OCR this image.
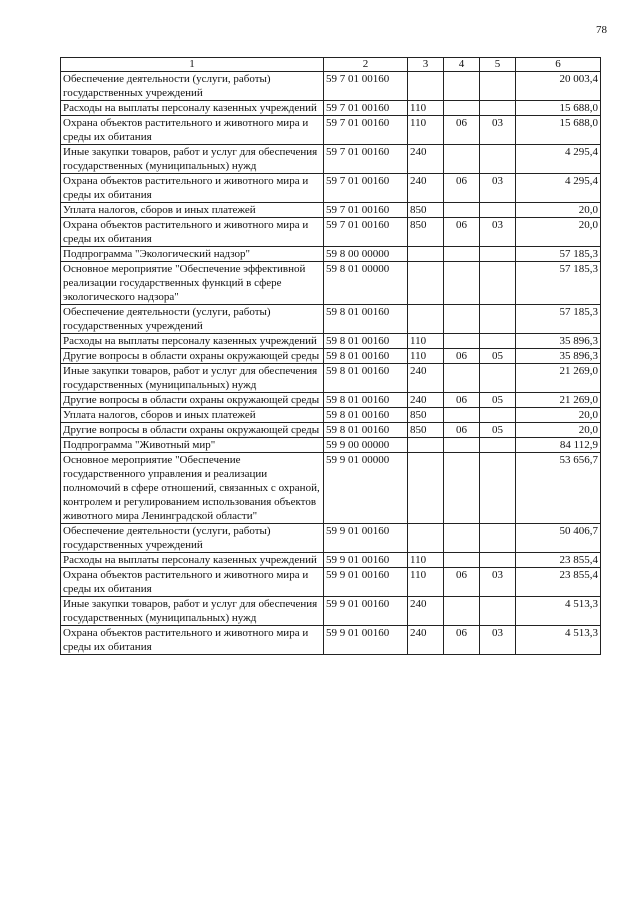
78
1	2	3	4	5	6
Обеспечение деятельности (услуги, работы) государственных учреждений	59 7 01 00160				20 003,4
Расходы на выплаты персоналу казенных учреждений	59 7 01 00160	110			15 688,0
Охрана объектов растительного и животного мира и среды их обитания	59 7 01 00160	110	06	03	15 688,0
Иные закупки товаров, работ и услуг для обеспечения государственных (муниципальных) нужд	59 7 01 00160	240			4 295,4
Охрана объектов растительного и животного мира и среды их обитания	59 7 01 00160	240	06	03	4 295,4
Уплата налогов, сборов и иных платежей	59 7 01 00160	850			20,0
Охрана объектов растительного и животного мира и среды их обитания	59 7 01 00160	850	06	03	20,0
Подпрограмма "Экологический надзор"	59 8 00 00000				57 185,3
Основное мероприятие "Обеспечение эффективной реализации государственных функций в сфере экологического надзора"	59 8 01 00000				57 185,3
Обеспечение деятельности (услуги, работы) государственных учреждений	59 8 01 00160				57 185,3
Расходы на выплаты персоналу казенных учреждений	59 8 01 00160	110			35 896,3
Другие вопросы в области охраны окружающей среды	59 8 01 00160	110	06	05	35 896,3
Иные закупки товаров, работ и услуг для обеспечения государственных (муниципальных) нужд	59 8 01 00160	240			21 269,0
Другие вопросы в области охраны окружающей среды	59 8 01 00160	240	06	05	21 269,0
Уплата налогов, сборов и иных платежей	59 8 01 00160	850			20,0
Другие вопросы в области охраны окружающей среды	59 8 01 00160	850	06	05	20,0
Подпрограмма "Животный мир"	59 9 00 00000				84 112,9
Основное мероприятие "Обеспечение государственного управления и реализации полномочий в сфере отношений, связанных с охраной, контролем и регулированием использования объектов животного мира Ленинградской области"	59 9 01 00000				53 656,7
Обеспечение деятельности (услуги, работы) государственных учреждений	59 9 01 00160				50 406,7
Расходы на выплаты персоналу казенных учреждений	59 9 01 00160	110			23 855,4
Охрана объектов растительного и животного мира и среды их обитания	59 9 01 00160	110	06	03	23 855,4
Иные закупки товаров, работ и услуг для обеспечения государственных (муниципальных) нужд	59 9 01 00160	240			4 513,3
Охрана объектов растительного и животного мира и среды их обитания	59 9 01 00160	240	06	03	4 513,3
